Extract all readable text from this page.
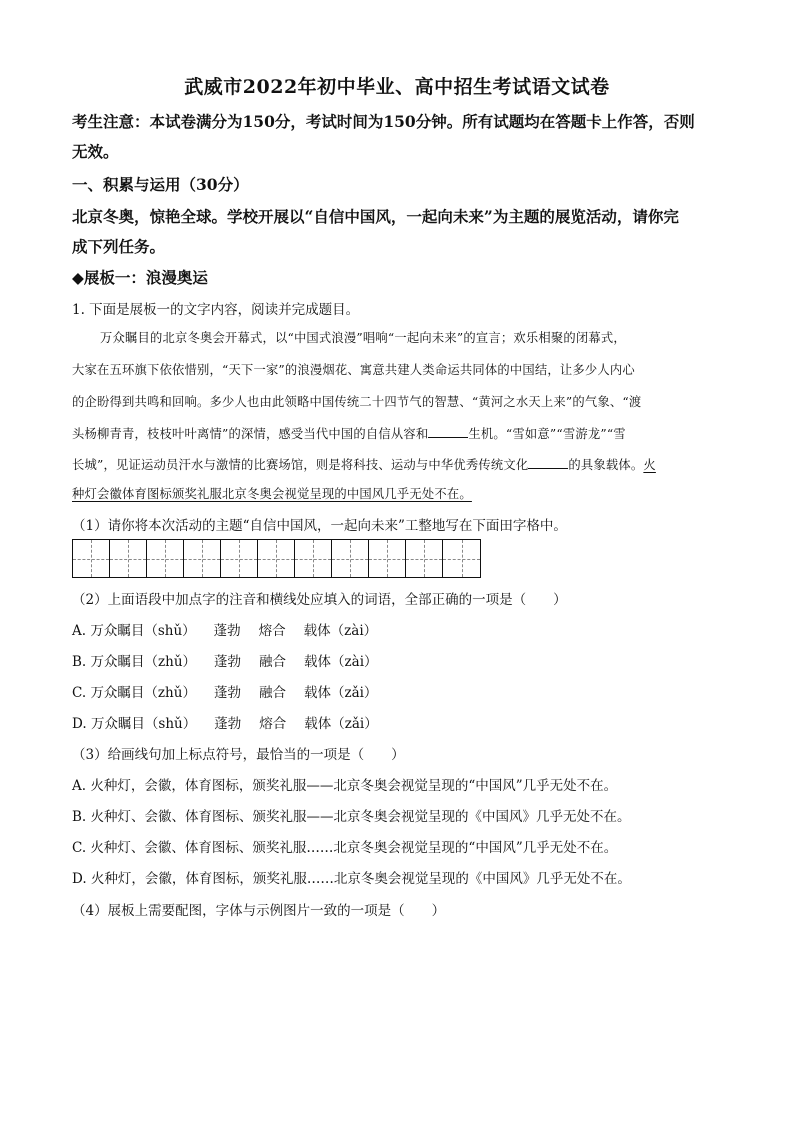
武威市2022年初中毕业、高中招生考试语文试卷
考生注意：本试卷满分为150分，考试时间为150分钟。所有试题均在答题卡上作答，否则
无效。
一、积累与运用（30分）
北京冬奥，惊艳全球。学校开展以“自信中国风，一起向未来”为主题的展览活动，请你完
成下列任务。
◆展板一：浪漫奥运
1. 下面是展板一的文字内容，阅读并完成题目。
万众瞩目的北京冬奥会开幕式，以“中国式浪漫”唱响“一起向未来”的宣言；欢乐相聚的闭幕式，
大家在五环旗下依依惜别，“天下一家”的浪漫烟花、寓意共建人类命运共同体的中国结，让多少人内心
的企盼得到共鸣和回响。多少人也由此领略中国传统二十四节气的智慧、“黄河之水天上来”的气象、“渡
头杨柳青青，枝枝叶叶离情”的深情，感受当代中国的自信从容和	生机。“雪如意”“雪游龙”“雪
长城”，见证运动员汗水与激情的比赛场馆，则是将科技、运动与中华优秀传统文化	的具象载体。火
种灯会徽体育图标颁奖礼服北京冬奥会视觉呈现的中国风几乎无处不在。
（1）请你将本次活动的主题“自信中国风，一起向未来”工整地写在下面田字格中。
（2）上面语段中加点字的注音和横线处应填入的词语，全部正确的一项是（　　）
A. 万众瞩目（shǔ） 蓬勃 熔合 载体（zài）
B. 万众瞩目（zhǔ） 蓬勃 融合 载体（zài）
C. 万众瞩目（zhǔ） 蓬勃 融合 载体（zǎi）
D. 万众瞩目（shǔ） 蓬勃 熔合 载体（zǎi）
（3）给画线句加上标点符号，最恰当的一项是（　　）
A. 火种灯，会徽，体育图标，颁奖礼服——北京冬奥会视觉呈现的“中国风”几乎无处不在。
B. 火种灯、会徽、体育图标、颁奖礼服——北京冬奥会视觉呈现的《中国风》几乎无处不在。
C. 火种灯、会徽、体育图标、颁奖礼服……北京冬奥会视觉呈现的“中国风”几乎无处不在。
D. 火种灯，会徽，体育图标，颁奖礼服……北京冬奥会视觉呈现的《中国风》几乎无处不在。
（4）展板上需要配图，字体与示例图片一致的一项是（　　）
